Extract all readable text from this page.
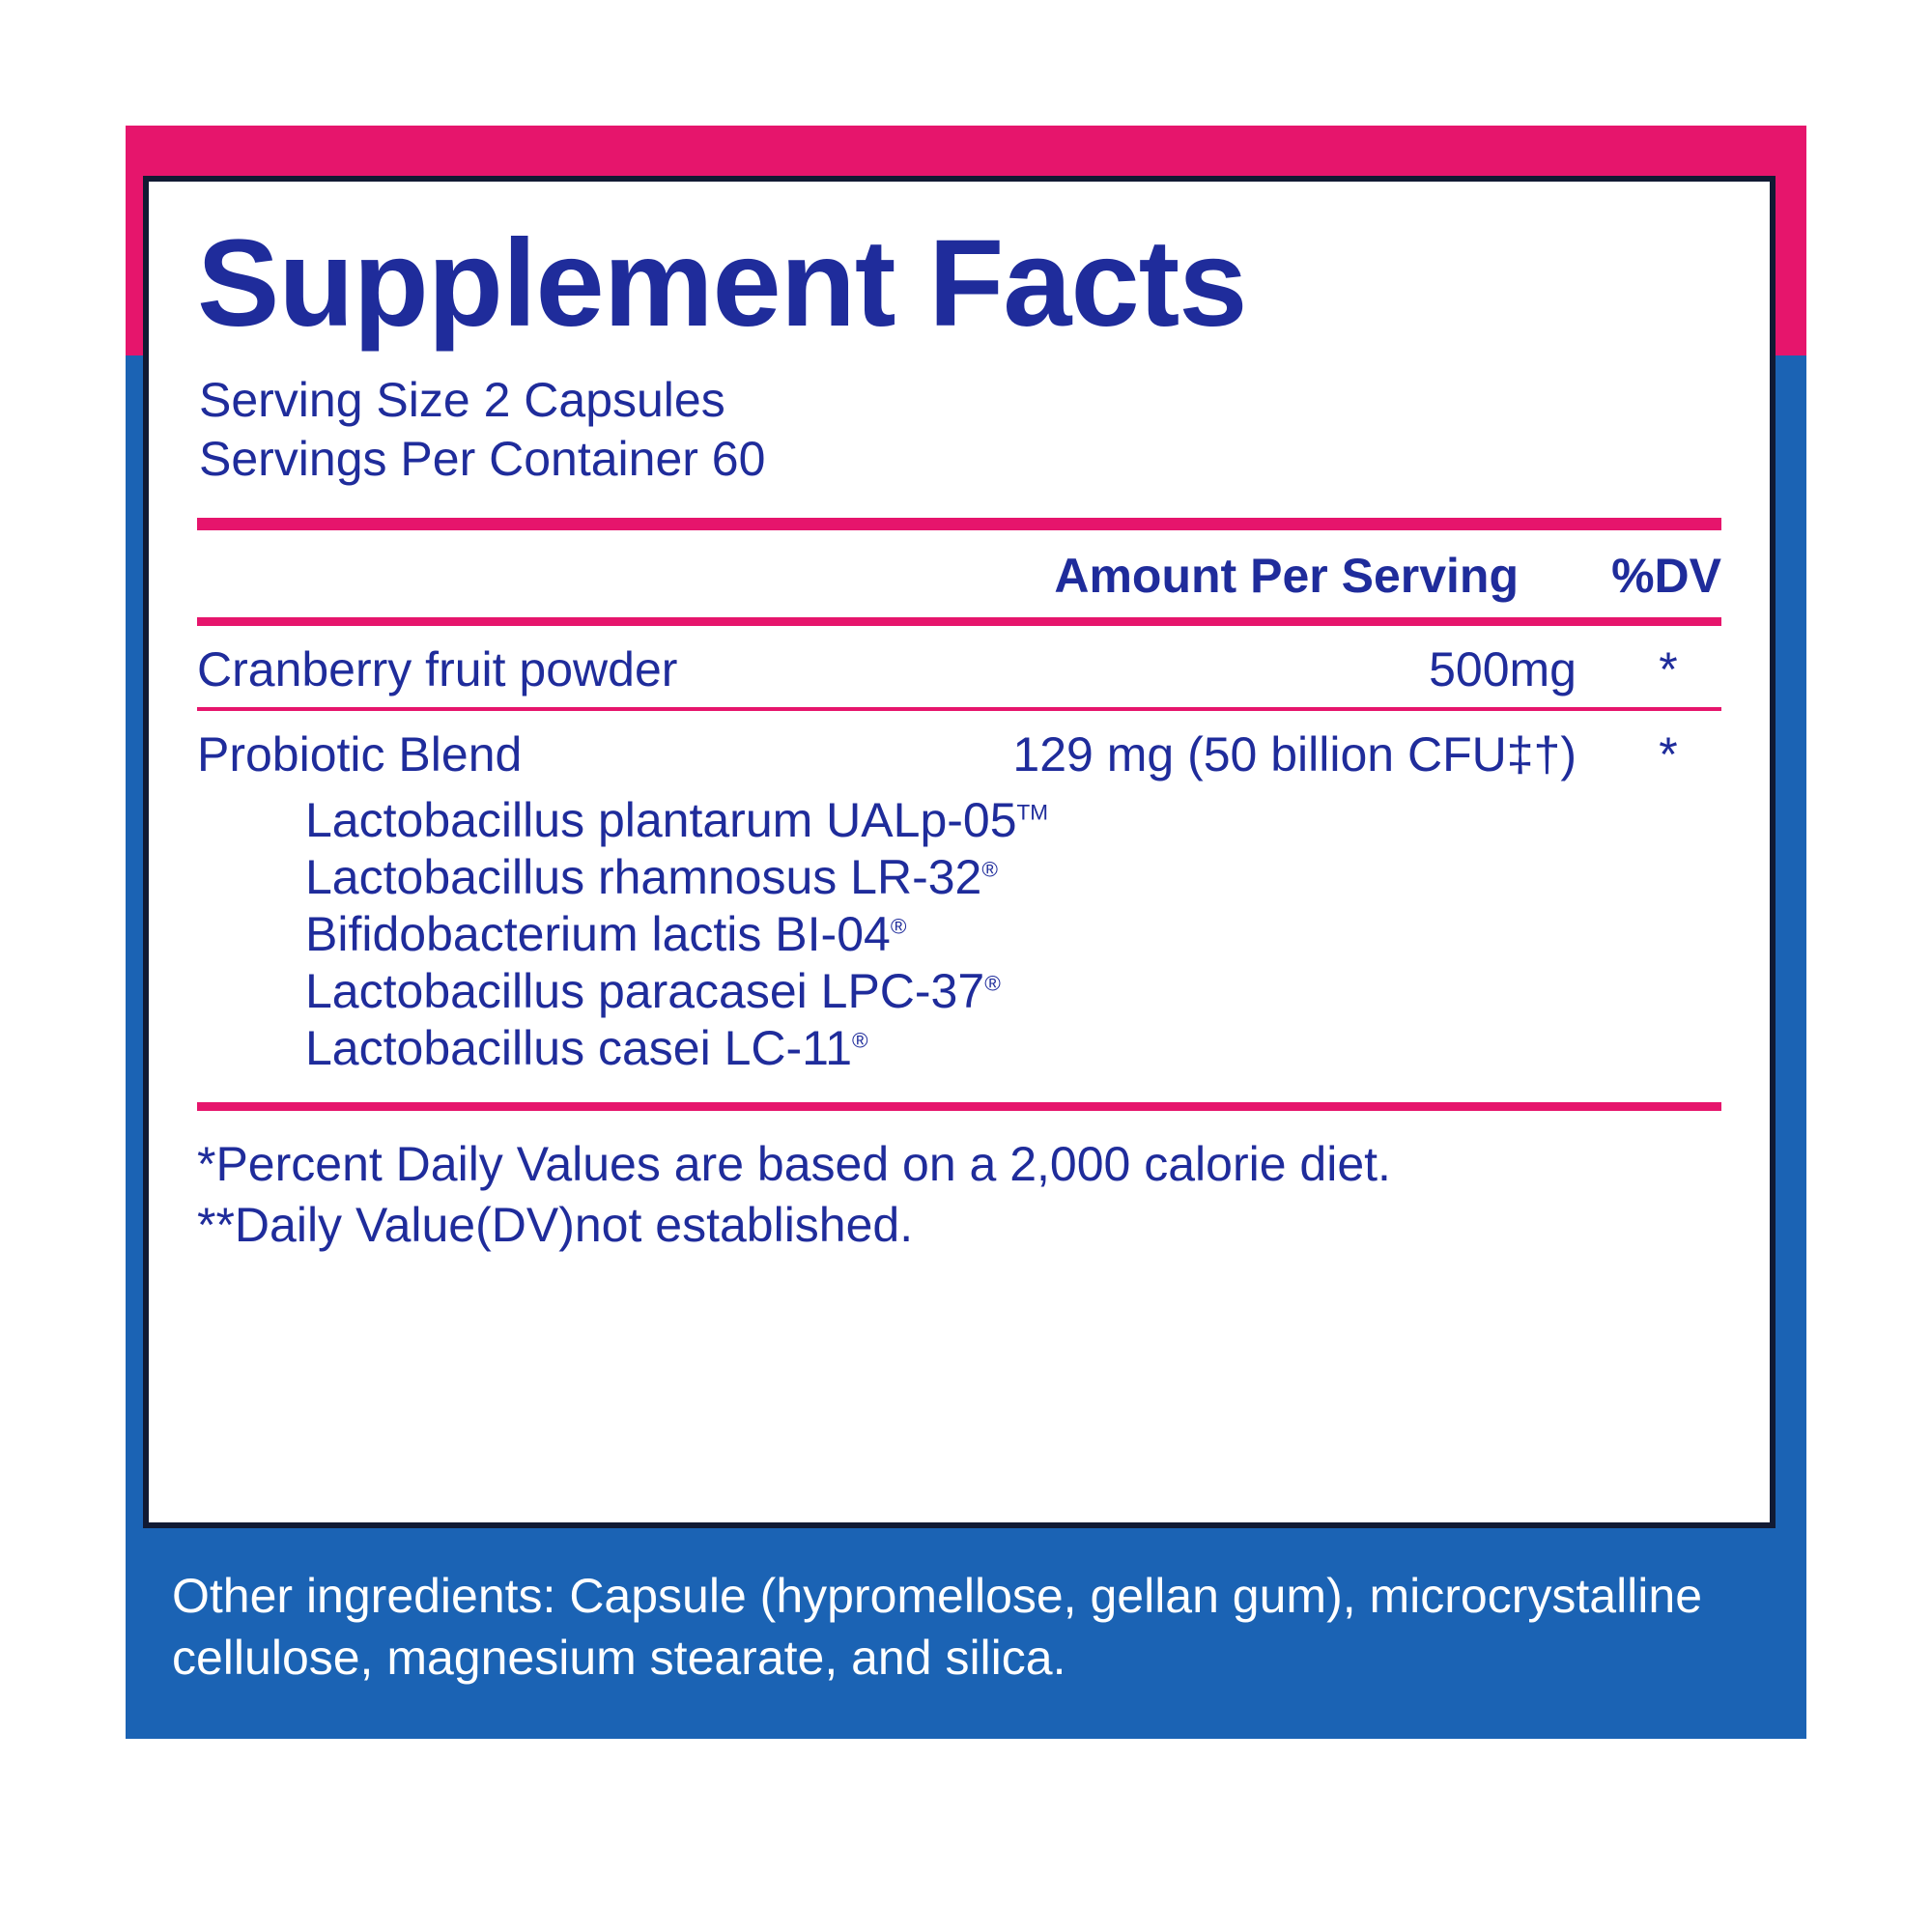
Supplement Facts
Serving Size 2 Capsules
Servings Per Container 60
Amount Per Serving	%DV
Cranberry fruit powder	500mg	*
Probiotic Blend	129 mg (50 billion CFU‡†)	*
Lactobacillus plantarum UALp-05™
Lactobacillus rhamnosus LR-32®
Bifidobacterium lactis BI-04®
Lactobacillus paracasei LPC-37®
Lactobacillus casei LC-11®
*Percent Daily Values are based on a 2,000 calorie diet.
**Daily Value(DV)not established.
Other ingredients: Capsule (hypromellose, gellan gum), microcrystalline cellulose, magnesium stearate, and silica.
